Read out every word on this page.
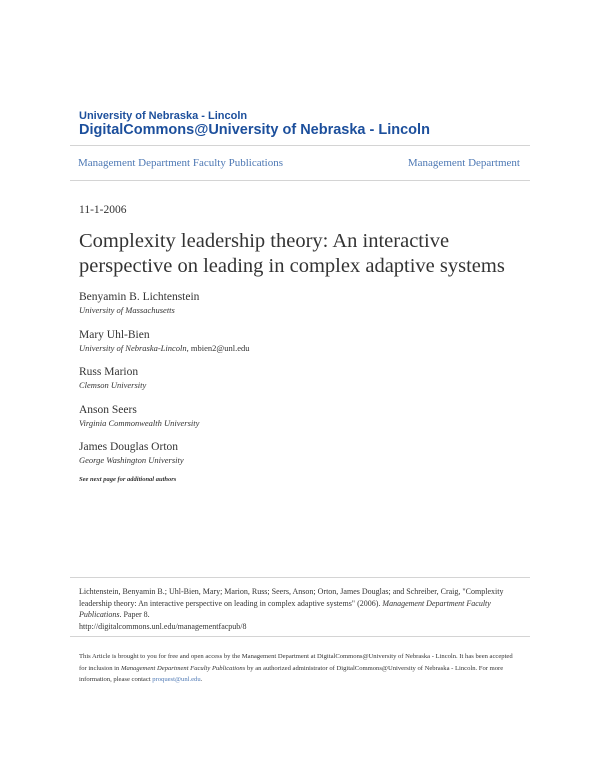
University of Nebraska - Lincoln
DigitalCommons@University of Nebraska - Lincoln
Management Department Faculty Publications	Management Department
11-1-2006
Complexity leadership theory: An interactive perspective on leading in complex adaptive systems
Benyamin B. Lichtenstein
University of Massachusetts
Mary Uhl-Bien
University of Nebraska-Lincoln, mbien2@unl.edu
Russ Marion
Clemson University
Anson Seers
Virginia Commonwealth University
James Douglas Orton
George Washington University
See next page for additional authors
Lichtenstein, Benyamin B.; Uhl-Bien, Mary; Marion, Russ; Seers, Anson; Orton, James Douglas; and Schreiber, Craig, "Complexity leadership theory: An interactive perspective on leading in complex adaptive systems" (2006). Management Department Faculty Publications. Paper 8.
http://digitalcommons.unl.edu/managementfacpub/8
This Article is brought to you for free and open access by the Management Department at DigitalCommons@University of Nebraska - Lincoln. It has been accepted for inclusion in Management Department Faculty Publications by an authorized administrator of DigitalCommons@University of Nebraska - Lincoln. For more information, please contact proquest@unl.edu.
